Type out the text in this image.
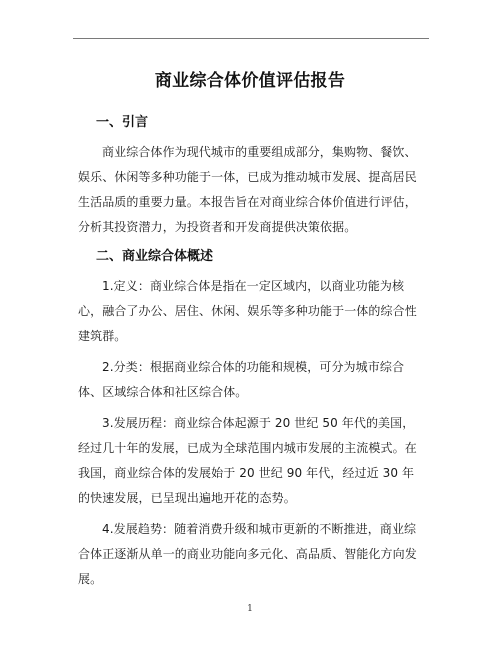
商业综合体价值评估报告
一、引言

商业综合体作为现代城市的重要组成部分，集购物、餐饮、娱乐、休闲等多种功能于一体，已成为推动城市发展、提高居民生活品质的重要力量。本报告旨在对商业综合体价值进行评估，分析其投资潜力，为投资者和开发商提供决策依据。

二、商业综合体概述

1.定义：商业综合体是指在一定区域内，以商业功能为核心，融合了办公、居住、休闲、娱乐等多种功能于一体的综合性建筑群。

2.分类：根据商业综合体的功能和规模，可分为城市综合体、区域综合体和社区综合体。

3.发展历程：商业综合体起源于 20 世纪 50 年代的美国，经过几十年的发展，已成为全球范围内城市发展的主流模式。在我国，商业综合体的发展始于 20 世纪 90 年代，经过近 30 年的快速发展，已呈现出遍地开花的态势。

4.发展趋势：随着消费升级和城市更新的不断推进，商业综合体正逐渐从单一的商业功能向多元化、高品质、智能化方向发展。

1
